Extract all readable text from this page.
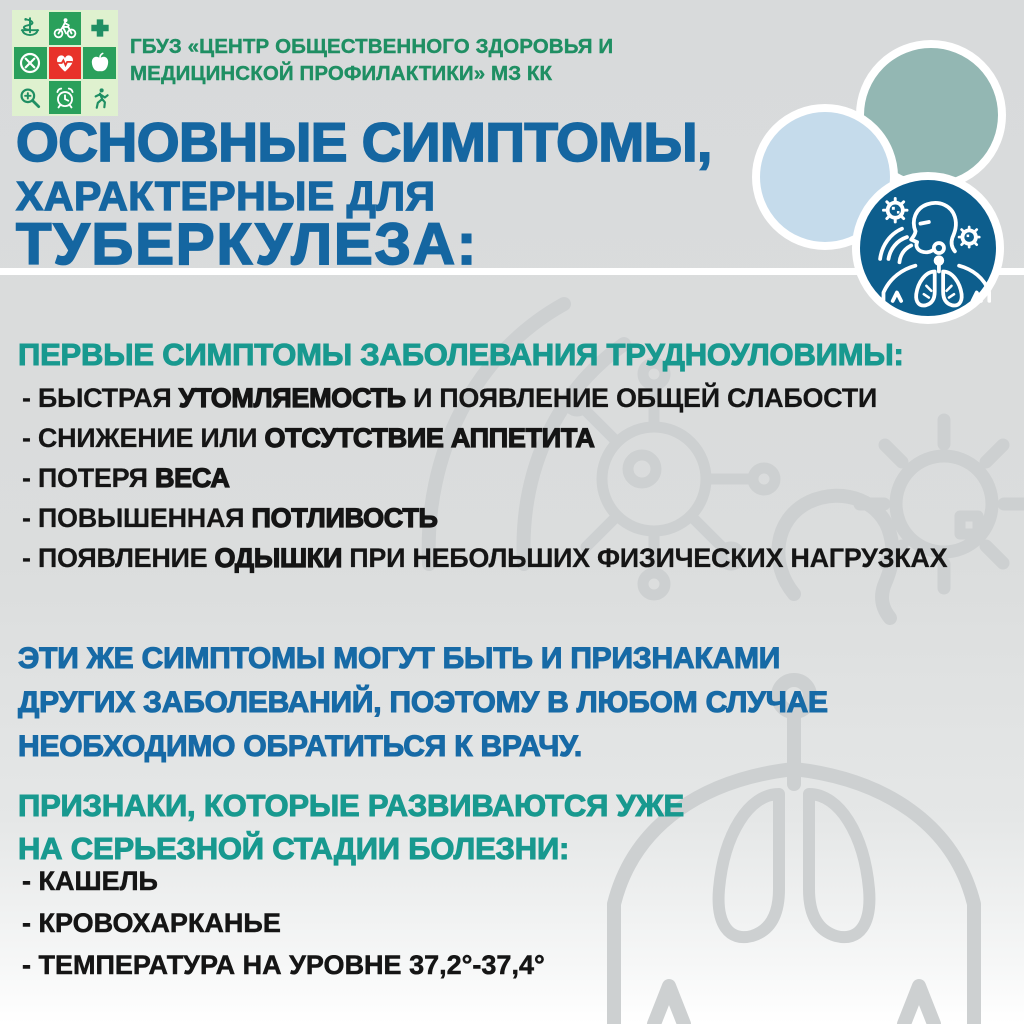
ГБУЗ «ЦЕНТР ОБЩЕСТВЕННОГО ЗДОРОВЬЯ И
МЕДИЦИНСКОЙ ПРОФИЛАКТИКИ» МЗ КК
ОСНОВНЫЕ СИМПТОМЫ,
ХАРАКТЕРНЫЕ ДЛЯ
ТУБЕРКУЛЕЗА:
ПЕРВЫЕ СИМПТОМЫ ЗАБОЛЕВАНИЯ ТРУДНОУЛОВИМЫ:
- БЫСТРАЯ УТОМЛЯЕМОСТЬ И ПОЯВЛЕНИЕ ОБЩЕЙ СЛАБОСТИ
- СНИЖЕНИЕ ИЛИ ОТСУТСТВИЕ АППЕТИТА
- ПОТЕРЯ ВЕСА
- ПОВЫШЕННАЯ ПОТЛИВОСТЬ
- ПОЯВЛЕНИЕ ОДЫШКИ ПРИ НЕБОЛЬШИХ ФИЗИЧЕСКИХ НАГРУЗКАХ
ЭТИ ЖЕ СИМПТОМЫ МОГУТ БЫТЬ И ПРИЗНАКАМИ
ДРУГИХ ЗАБОЛЕВАНИЙ, ПОЭТОМУ В ЛЮБОМ СЛУЧАЕ
НЕОБХОДИМО ОБРАТИТЬСЯ К ВРАЧУ.
ПРИЗНАКИ, КОТОРЫЕ РАЗВИВАЮТСЯ УЖЕ
НА СЕРЬЕЗНОЙ СТАДИИ БОЛЕЗНИ:
- КАШЕЛЬ
- КРОВОХАРКАНЬЕ
- ТЕМПЕРАТУРА НА УРОВНЕ 37,2°-37,4°
